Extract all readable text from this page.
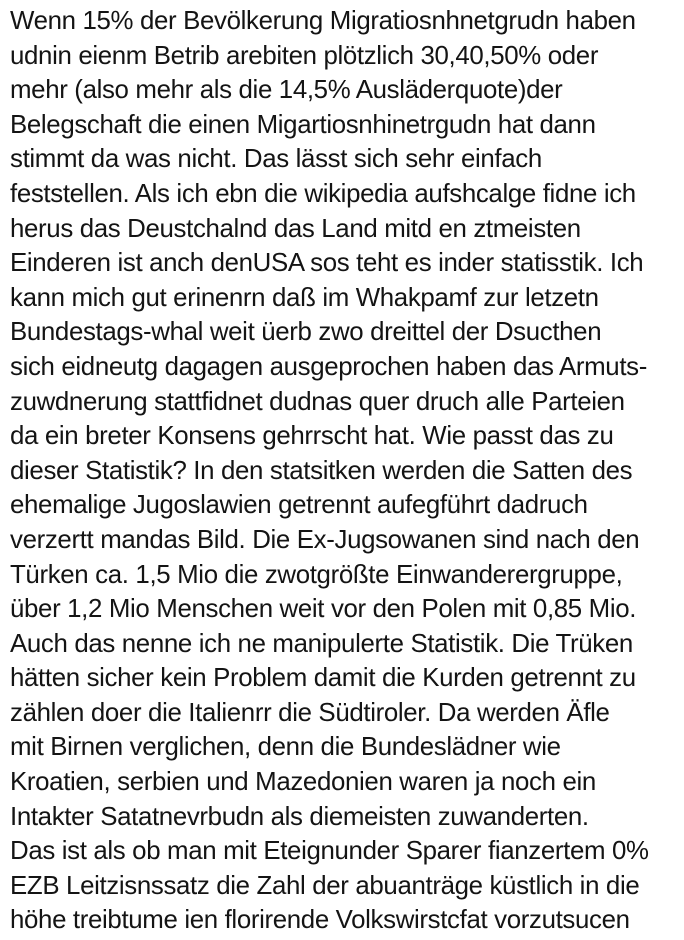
Wenn 15% der Bevölkerung Migratiosnhnetgrudn haben
udnin eienm Betrib arebiten plötzlich 30,40,50% oder
mehr (also mehr als die 14,5% Ausläderquote)der
Belegschaft die einen Migartiosnhinetrgudn hat dann
stimmt da was nicht. Das lässt sich sehr einfach
feststellen. Als ich ebn die wikipedia aufshcalge fidne ich
herus das Deustchalnd das Land mitd en ztmeisten
Einderen ist anch denUSA sos teht es inder statisstik. Ich
kann mich gut erinenrn daß im Whakpamf zur letzetn
Bundestags-whal weit üerb zwo dreittel der Dsucthen
sich eidneutg dagagen ausgeprochen haben das Armuts-
zuwdnerung stattfidnet dudnas quer druch alle Parteien
da ein breter Konsens gehrrscht hat. Wie passt das zu
dieser Statistik? In den statsitken werden die Satten des
ehemalige Jugoslawien getrennt aufegführt dadruch
verzertt mandas Bild. Die Ex-Jugsowanen sind nach den
Türken ca. 1,5 Mio die zwotgrößte Einwanderergruppe,
über 1,2 Mio Menschen weit vor den Polen mit 0,85 Mio.
Auch das nenne ich ne manipulerte Statistik. Die Trüken
hätten sicher kein Problem damit die Kurden getrennt zu
zählen doer die Italienrr die Südtiroler. Da werden Äfle
mit Birnen verglichen, denn die Bundeslädner wie
Kroatien, serbien und Mazedonien waren ja noch ein
Intakter Satatnevrbudn als diemeisten zuwanderten.
Das ist als ob man mit Eteignunder Sparer fianzertem 0%
EZB Leitzisnssatz die Zahl der abuanträge küstlich in die
höhe treibtume ien florirende Volkswirstcfat vorzutsucen
